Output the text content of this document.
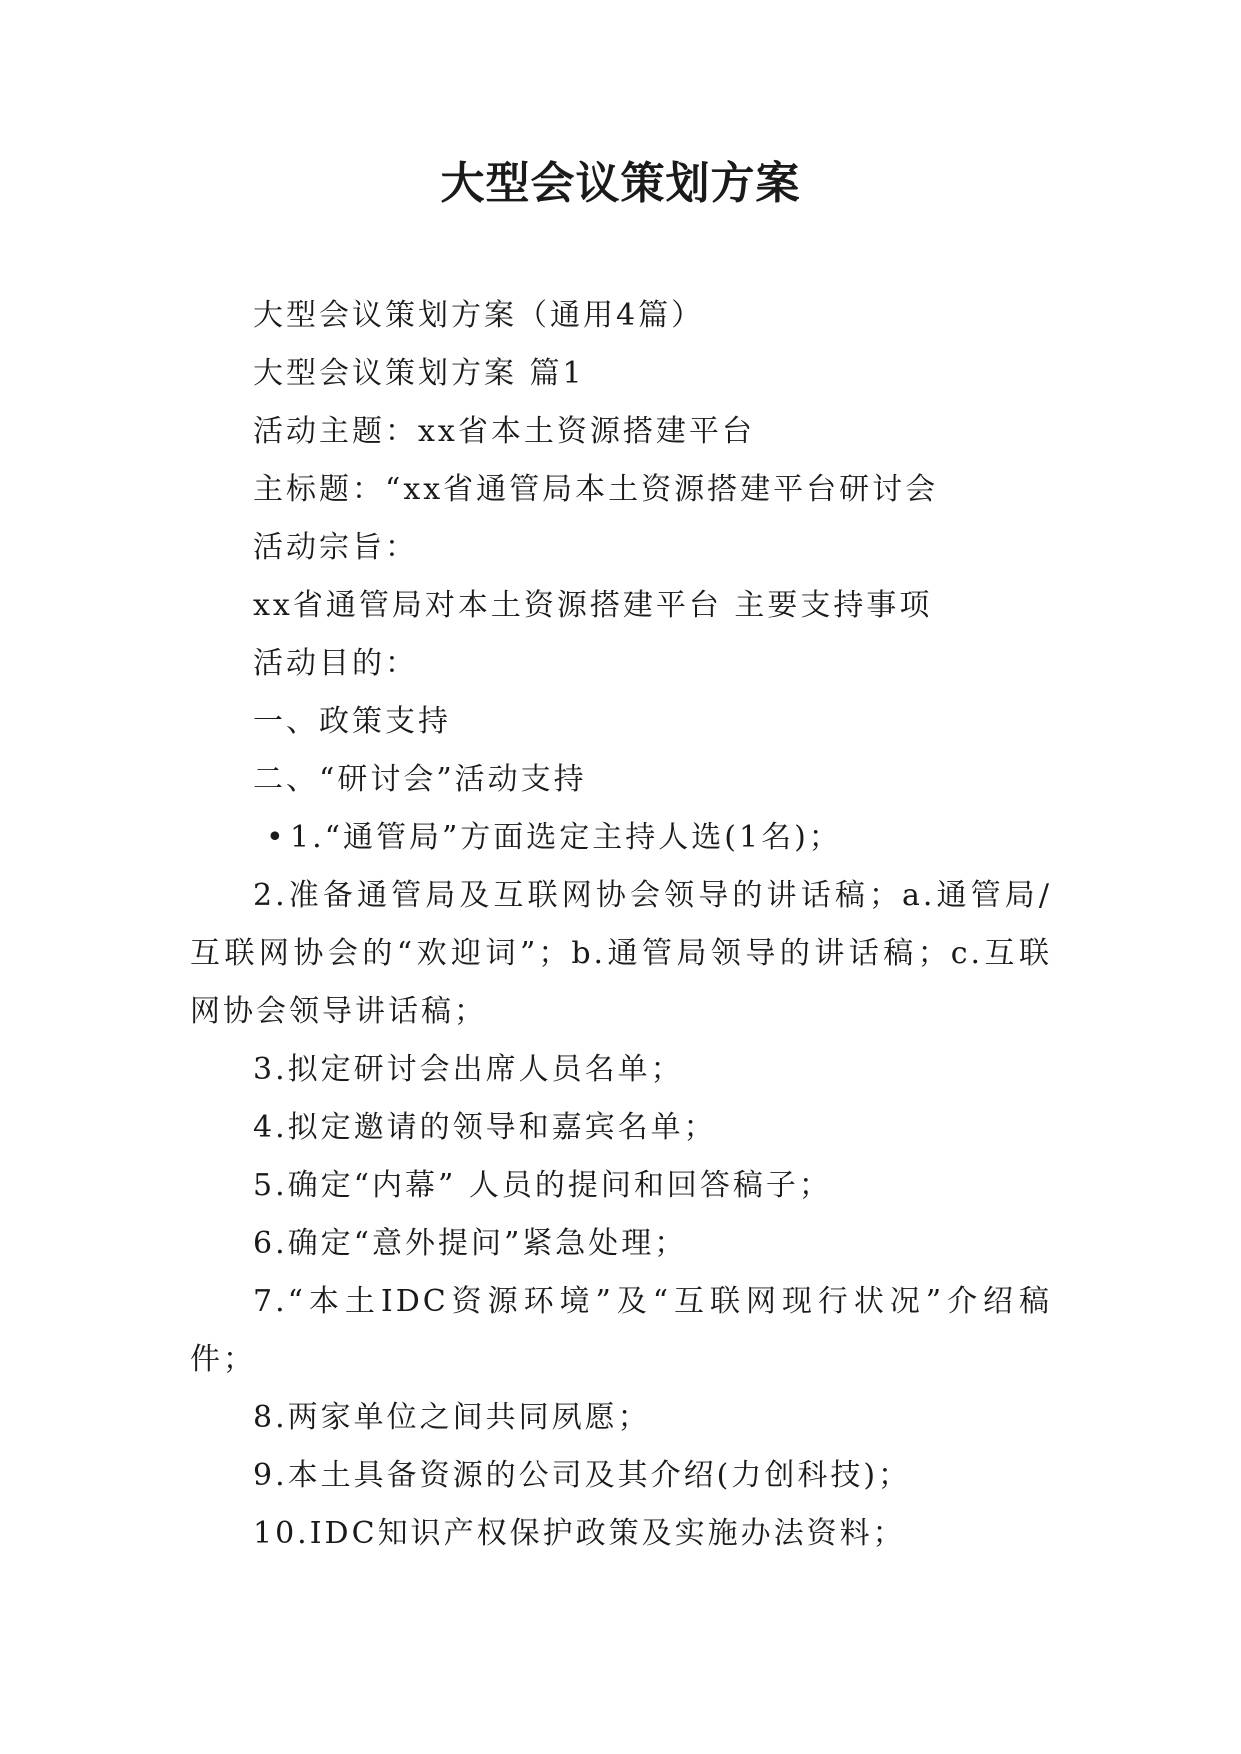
大型会议策划方案

大型会议策划方案（通用4篇）

大型会议策划方案 篇1

活动主题：xx省本土资源搭建平台

主标题：“xx省通管局本土资源搭建平台研讨会

活动宗旨：

xx省通管局对本土资源搭建平台 主要支持事项

活动目的：

一、政策支持

二、“研讨会”活动支持

• 1.“通管局”方面选定主持人选(1名)；

2.准备通管局及互联网协会领导的讲话稿；a.通管局/互联网协会的“欢迎词”；b.通管局领导的讲话稿；c.互联网协会领导讲话稿；

3.拟定研讨会出席人员名单；

4.拟定邀请的领导和嘉宾名单；

5.确定“内幕” 人员的提问和回答稿子；

6.确定“意外提问”紧急处理；

7.“本土IDC资源环境”及“互联网现行状况”介绍稿件；

8.两家单位之间共同夙愿；

9.本土具备资源的公司及其介绍(力创科技)；

10.IDC知识产权保护政策及实施办法资料；
